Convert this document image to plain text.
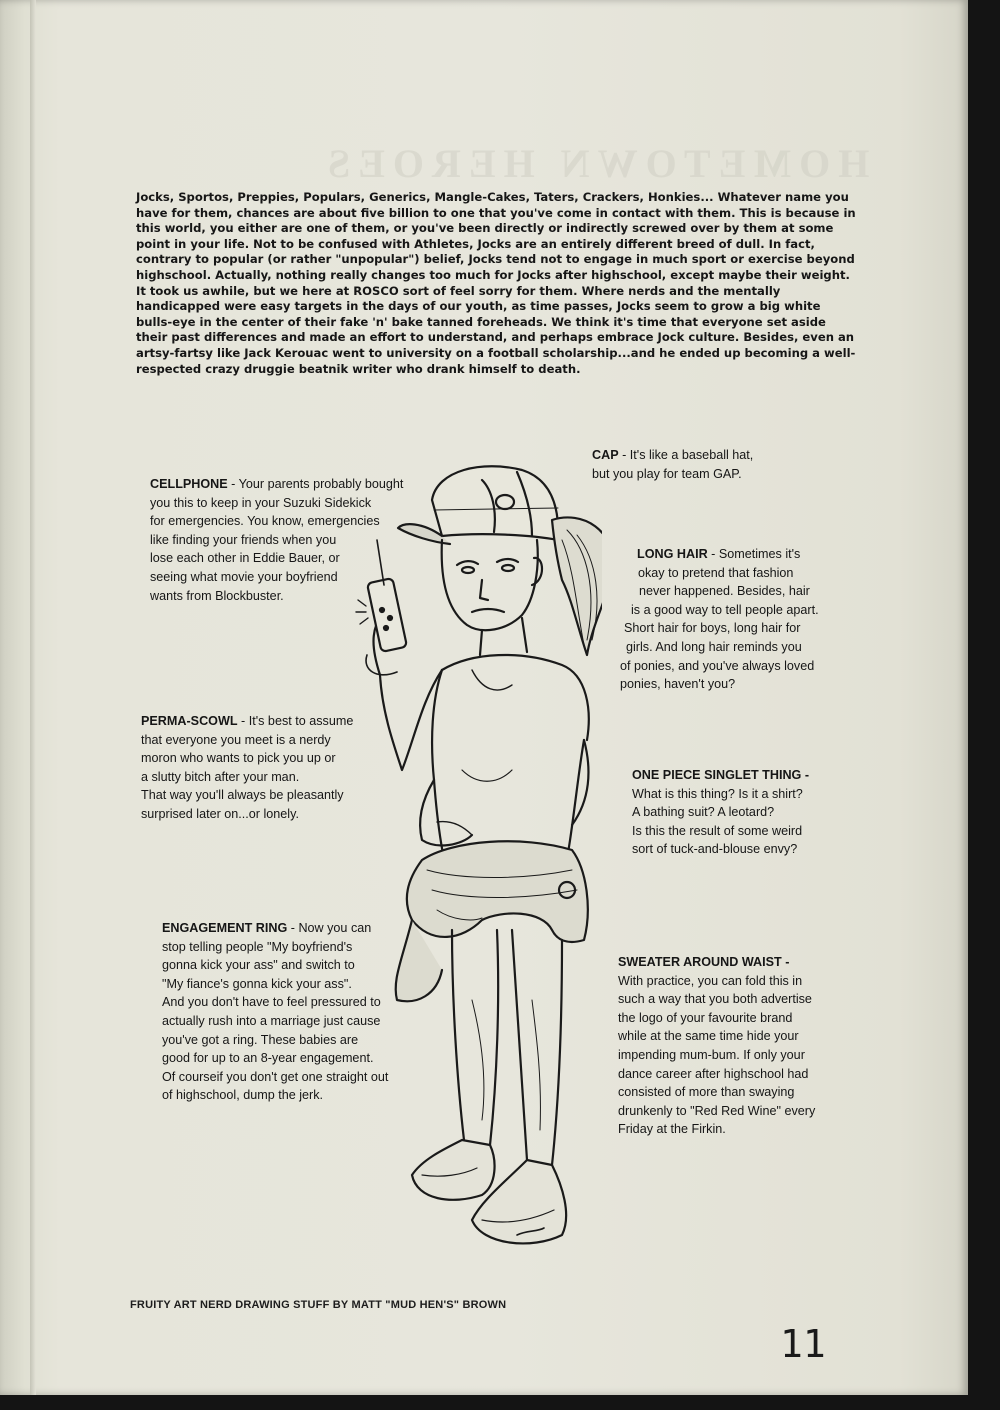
HOMETOWN HEROES

Jocks, Sportos, Preppies, Populars, Generics, Mangle-Cakes, Taters, Crackers, Honkies... Whatever name you have for them, chances are about five billion to one that you've come in contact with them. This is because in this world, you either are one of them, or you've been directly or indirectly screwed over by them at some point in your life. Not to be confused with Athletes, Jocks are an entirely different breed of dull. In fact, contrary to popular (or rather "unpopular") belief, Jocks tend not to engage in much sport or exercise beyond highschool. Actually, nothing really changes too much for Jocks after highschool, except maybe their weight. It took us awhile, but we here at ROSCO sort of feel sorry for them. Where nerds and the mentally handicapped were easy targets in the days of our youth, as time passes, Jocks seem to grow a big white bulls-eye in the center of their fake 'n' bake tanned foreheads. We think it's time that everyone set aside their past differences and made an effort to understand, and perhaps embrace Jock culture. Besides, even an artsy-fartsy like Jack Kerouac went to university on a football scholarship...and he ended up becoming a well-respected crazy druggie beatnik writer who drank himself to death.

CAP - It's like a baseball hat,
but you play for team GAP.
CELLPHONE - Your parents probably bought
you this to keep in your Suzuki Sidekick
for emergencies. You know, emergencies
like finding your friends when you
lose each other in Eddie Bauer, or
seeing what movie your boyfriend
wants from Blockbuster.
LONG HAIR - Sometimes it's
okay to pretend that fashion
never happened. Besides, hair
is a good way to tell people apart.
Short hair for boys, long hair for
girls. And long hair reminds you
of ponies, and you've always loved
ponies, haven't you?
PERMA-SCOWL - It's best to assume
that everyone you meet is a nerdy
moron who wants to pick you up or
a slutty bitch after your man.
That way you'll always be pleasantly
surprised later on...or lonely.
ONE PIECE SINGLET THING -
What is this thing? Is it a shirt?
A bathing suit? A leotard?
Is this the result of some weird
sort of tuck-and-blouse envy?
ENGAGEMENT RING - Now you can
stop telling people "My boyfriend's
gonna kick your ass" and switch to
"My fiance's gonna kick your ass".
And you don't have to feel pressured to
actually rush into a marriage just cause
you've got a ring. These babies are
good for up to an 8-year engagement.
Of courseif you don't get one straight out
of highschool, dump the jerk.
SWEATER AROUND WAIST -
With practice, you can fold this in
such a way that you both advertise
the logo of your favourite brand
while at the same time hide your
impending mum-bum. If only your
dance career after highschool had
consisted of more than swaying
drunkenly to "Red Red Wine" every
Friday at the Firkin.
FRUITY ART NERD DRAWING STUFF BY MATT "MUD HEN'S" BROWN
11
